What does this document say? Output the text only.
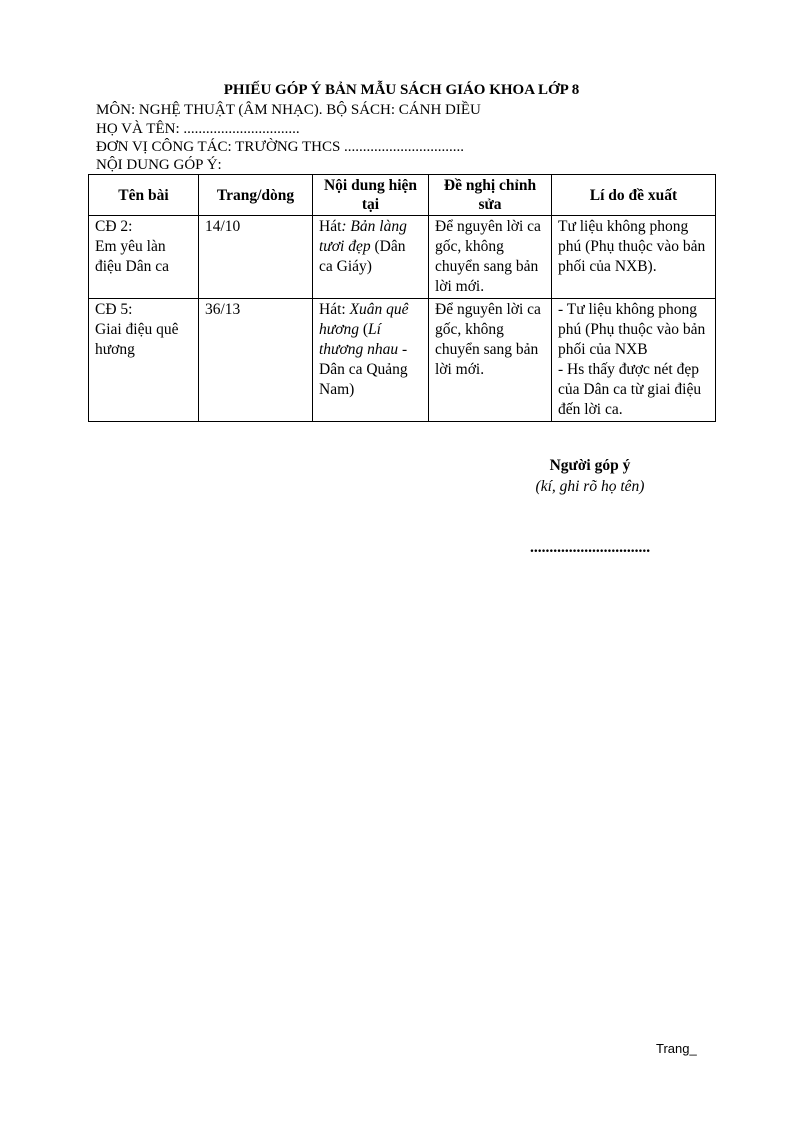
PHIẾU GÓP Ý BẢN MẪU SÁCH GIÁO KHOA LỚP 8
MÔN: NGHỆ THUẬT (ÂM NHẠC). BỘ SÁCH: CÁNH DIỀU
HỌ VÀ TÊN: ...............................
ĐƠN VỊ CÔNG TÁC: TRƯỜNG THCS ................................
NỘI DUNG GÓP Ý:
Tên bài	Trang/dòng	Nội dung hiện tại	Đề nghị chỉnh sửa	Lí do đề xuất

CĐ 2:
Em yêu làn điệu Dân ca	14/10	Hát: Bản làng tươi đẹp (Dân ca Giáy)	Để nguyên lời ca gốc, không chuyển sang bản lời mới.	Tư liệu không phong phú (Phụ thuộc vào bản phối của NXB).

CĐ 5:
Giai điệu quê hương	36/13	Hát: Xuân quê hương (Lí thương nhau - Dân ca Quảng Nam)	Để nguyên lời ca gốc, không chuyển sang bản lời mới.	- Tư liệu không phong phú (Phụ thuộc vào bản phối của NXB
- Hs thấy được nét đẹp của Dân ca từ giai điệu đến lời ca.
Người góp ý
(kí, ghi rõ họ tên)
...............................
Trang_
